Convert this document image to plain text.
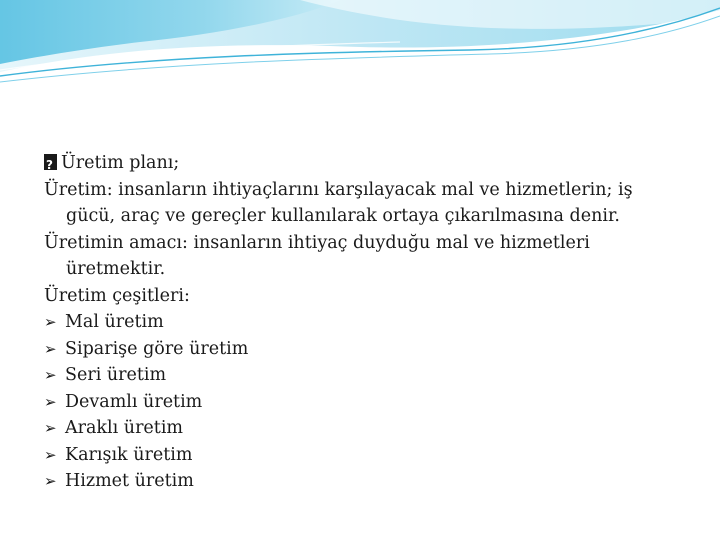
?Üretim planı;

Üretim: insanların ihtiyaçlarını karşılayacak mal ve hizmetlerin; iş gücü, araç ve gereçler kullanılarak ortaya çıkarılmasına denir.

Üretimin amacı: insanların ihtiyaç duyduğu mal ve hizmetleri üretmektir.

Üretim çeşitleri:

➢ Mal üretim

➢ Siparişe göre üretim

➢ Seri üretim

➢ Devamlı üretim

➢ Araklı üretim

➢ Karışık üretim

➢ Hizmet üretim
